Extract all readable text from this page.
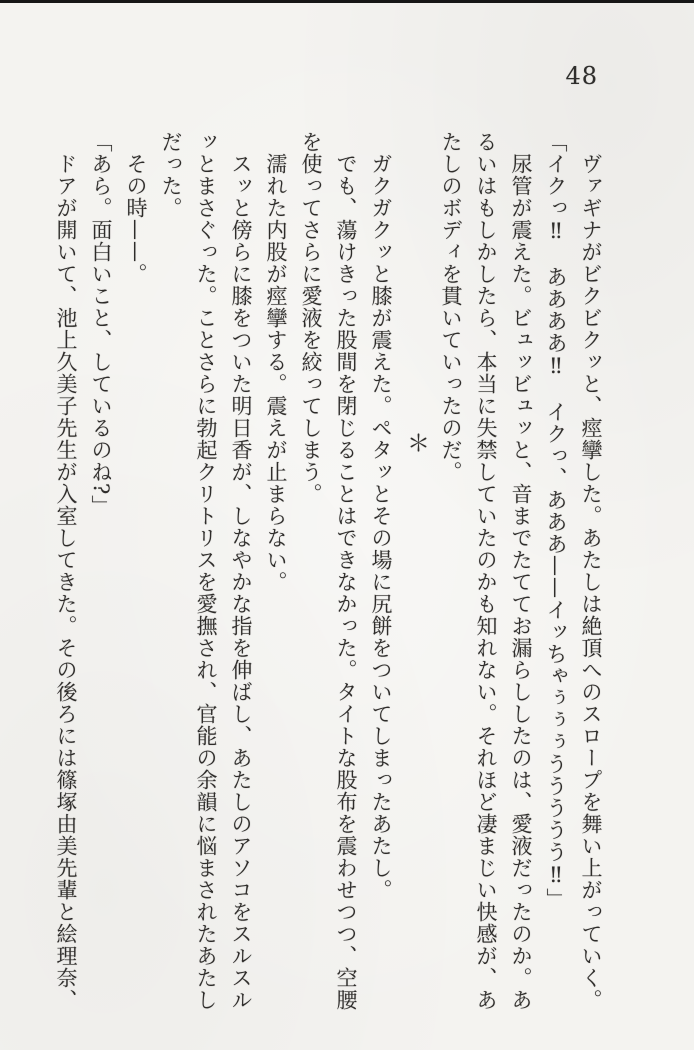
48
ヴァギナがビクビクッと、痙攣した。あたしは絶頂へのスロープを舞い上がっていく。
「イクっ‼　ああああ‼　イクっ、あああ——イッちゃぅぅぅううううう‼」
尿管が震えた。ビュッビュッと、音までたててお漏らししたのは、愛液だったのか。あ
るいはもしかしたら、本当に失禁していたのかも知れない。それほど凄まじい快感が、あ
たしのボディを貫いていったのだ。
＊
ガクガクッと膝が震えた。ペタッとその場に尻餅をついてしまったあたし。
でも、蕩けきった股間を閉じることはできなかった。タイトな股布を震わせつつ、空腰
を使ってさらに愛液を絞ってしまう。
濡れた内股が痙攣する。震えが止まらない。
スッと傍らに膝をついた明日香が、しなやかな指を伸ばし、あたしのアソコをスルスル
ッとまさぐった。ことさらに勃起クリトリスを愛撫され、官能の余韻に悩まされたあたし
だった。
その時——。
「あら。面白いこと、しているのね?」
ドアが開いて、池上久美子先生が入室してきた。その後ろには篠塚由美先輩と絵理奈、
